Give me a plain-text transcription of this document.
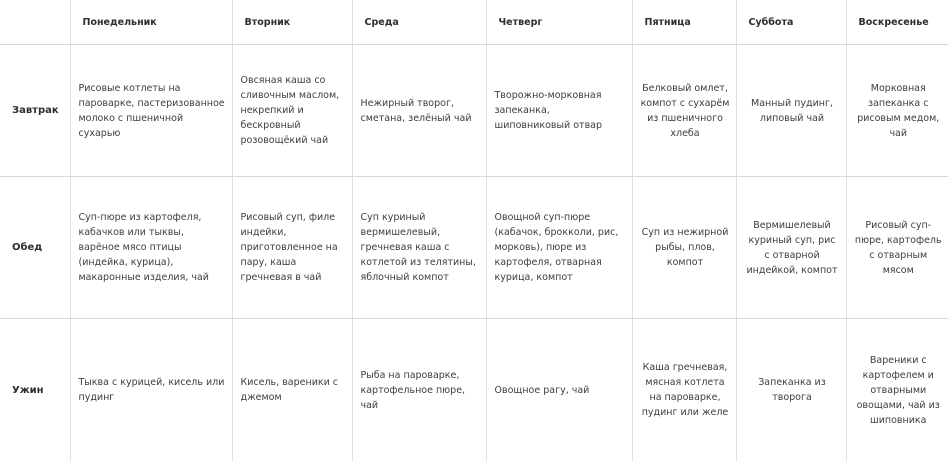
	Понедельник	Вторник	Среда	Четверг	Пятница	Суббота	Воскресенье
Завтрак	Рисовые котлеты на пароварке, пастеризованное молоко с пшеничной сухарью	Овсяная каша со сливочным маслом, некрепкий и бескровный розовощёкий чай	Нежирный творог, сметана, зелёный чай	Творожно-морковная запеканка, шиповниковый отвар	Белковый омлет, компот с сухарём из пшеничного хлеба	Манный пудинг, липовый чай	Морковная запеканка с рисовым медом, чай
Обед	Суп-пюре из картофеля, кабачков или тыквы, варёное мясо птицы (индейка, курица), макаронные изделия, чай	Рисовый суп, филе индейки, приготовленное на пару, каша гречневая в чай	Суп куриный вермишелевый, гречневая каша с котлетой из телятины, яблочный компот	Овощной суп-пюре (кабачок, брокколи, рис, морковь), пюре из картофеля, отварная курица, компот	Суп из нежирной рыбы, плов, компот	Вермишелевый куриный суп, рис с отварной индейкой, компот	Рисовый суп-пюре, картофель с отварным мясом
Ужин	Тыква с курицей, кисель или пудинг	Кисель, вареники с джемом	Рыба на пароварке, картофельное пюре, чай	Овощное рагу, чай	Каша гречневая, мясная котлета на пароварке, пудинг или желе	Запеканка из творога	Вареники с картофелем и отварными овощами, чай из шиповника
